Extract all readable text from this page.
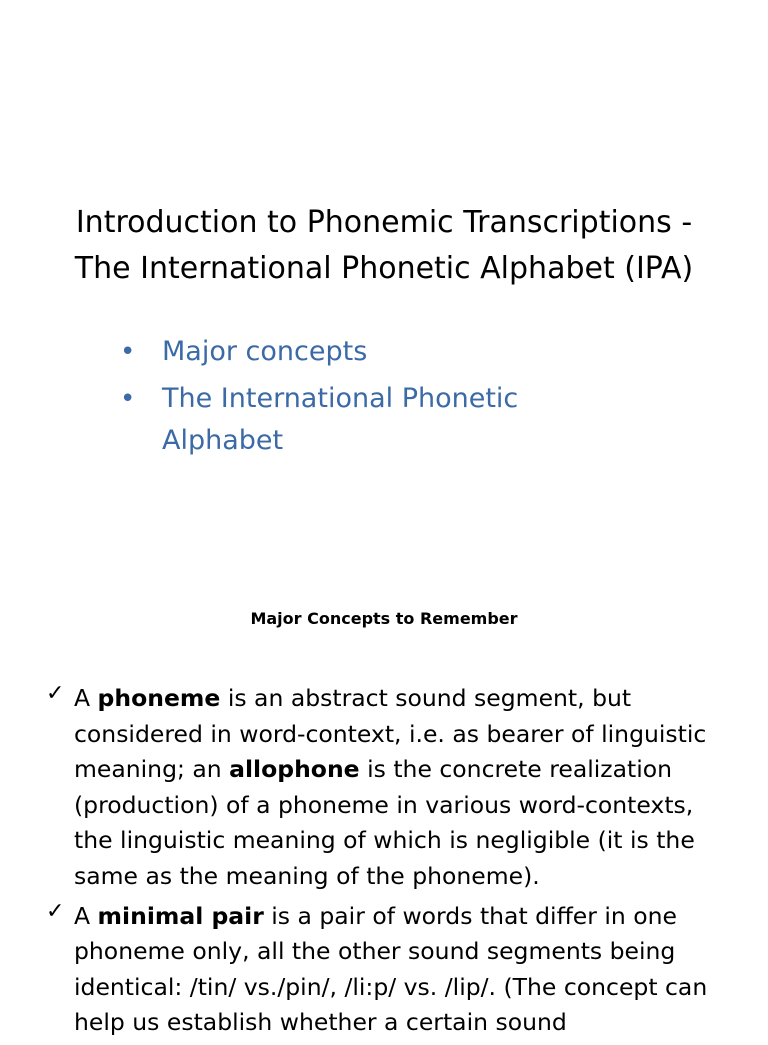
Introduction to Phonemic Transcriptions -
The International Phonetic Alphabet (IPA)
• Major concepts
• The International Phonetic Alphabet
Major Concepts to Remember
✓ A phoneme is an abstract sound segment, but considered in word-context, i.e. as bearer of linguistic meaning; an allophone is the concrete realization (production) of a phoneme in various word-contexts, the linguistic meaning of which is negligible (it is the same as the meaning of the phoneme).
✓ A minimal pair is a pair of words that differ in one phoneme only, all the other sound segments being identical: /tin/ vs./pin/, /li:p/ vs. /lip/. (The concept can help us establish whether a certain sound
